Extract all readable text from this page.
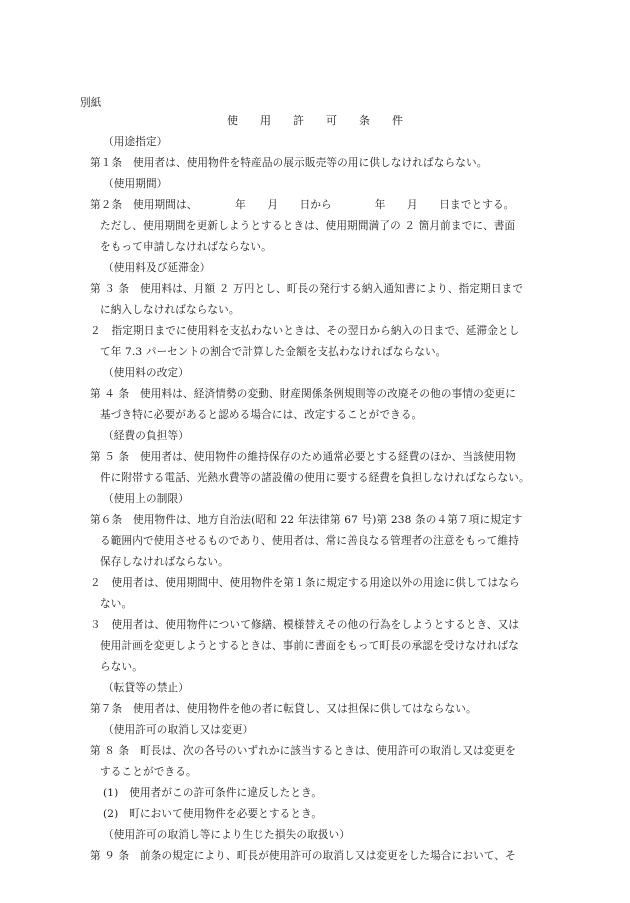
別紙
使用許可条件
（用途指定）
第１条　使用者は、使用物件を特産品の展示販売等の用に供しなければならない。
（使用期間）
第２条　使用期間は、　　　　年　　月　　日から　　　　年　　月　　日までとする。
ただし、使用期間を更新しようとするときは、使用期間満了の ２ 箇月前までに、書面
をもって申請しなければならない。
（使用料及び延滞金）
第 ３ 条　使用料は、月額 ２ 万円とし、町長の発行する納入通知書により、指定期日まで
に納入しなければならない。
２　指定期日までに使用料を支払わないときは、その翌日から納入の日まで、延滞金とし
て年 7.3 パーセントの割合で計算した金額を支払わなければならない。
（使用料の改定）
第 ４ 条　使用料は、経済情勢の変動、財産関係条例規則等の改廃その他の事情の変更に
基づき特に必要があると認める場合には、改定することができる。
（経費の負担等）
第 ５ 条　使用者は、使用物件の維持保存のため通常必要とする経費のほか、当該使用物
件に附帯する電話、光熱水費等の諸設備の使用に要する経費を負担しなければならない。
（使用上の制限）
第６条　使用物件は、地方自治法(昭和 22 年法律第 67 号)第 238 条の４第７項に規定す
る範囲内で使用させるものであり、使用者は、常に善良なる管理者の注意をもって維持
保存しなければならない。
２　使用者は、使用期間中、使用物件を第１条に規定する用途以外の用途に供してはなら
ない。
３　使用者は、使用物件について修繕、模様替えその他の行為をしようとするとき、又は
使用計画を変更しようとするときは、事前に書面をもって町長の承認を受けなければな
らない。
（転貸等の禁止）
第７条　使用者は、使用物件を他の者に転貸し、又は担保に供してはならない。
（使用許可の取消し又は変更）
第 ８ 条　町長は、次の各号のいずれかに該当するときは、使用許可の取消し又は変更を
することができる。
(1)　使用者がこの許可条件に違反したとき。
(2)　町において使用物件を必要とするとき。
（使用許可の取消し等により生じた損失の取扱い）
第 ９ 条　前条の規定により、町長が使用許可の取消し又は変更をした場合において、そ
